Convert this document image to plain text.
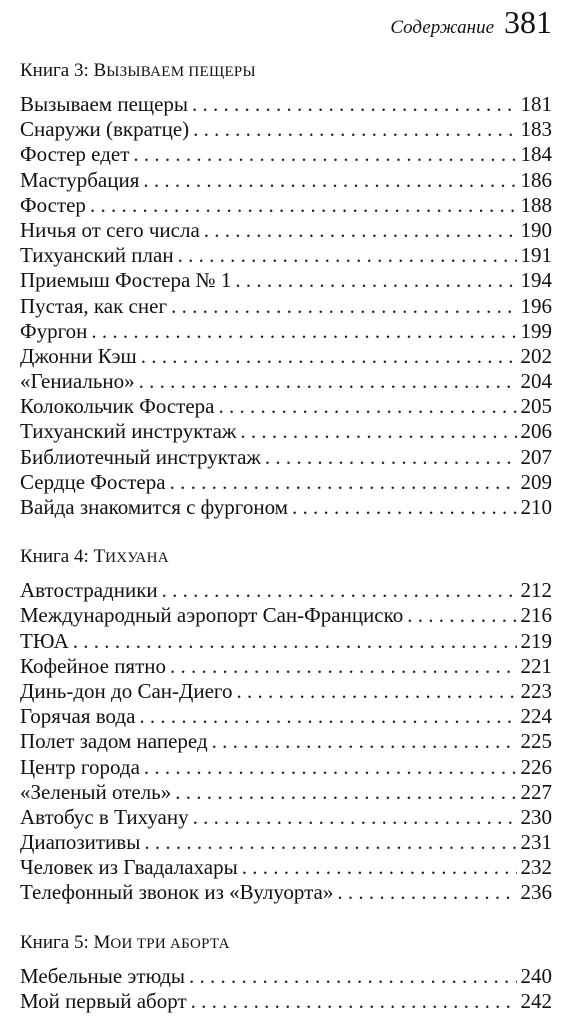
Содержание 381
Книга 3: ВЫЗЫВАЕМ ПЕЩЕРЫ
Вызываем пещеры . . .	181
Снаружи (вкратце) . . .	183
Фостер едет . . .	184
Мастурбация . . .	186
Фостер . . .	188
Ничья от сего числа . . .	190
Тихуанский план . . .	191
Приемыш Фостера № 1 . . .	194
Пустая, как снег . . .	196
Фургон . . .	199
Джонни Кэш . . .	202
«Гениально» . . .	204
Колокольчик Фостера . . .	205
Тихуанский инструктаж . . .	206
Библиотечный инструктаж . . .	207
Сердце Фостера . . .	209
Вайда знакомится с фургоном . . .	210
Книга 4: ТИХУАНА
Автострадники . . .	212
Международный аэропорт Сан-Франциско . . .	216
ТЮА . . .	219
Кофейное пятно . . .	221
Динь-дон до Сан-Диего . . .	223
Горячая вода . . .	224
Полет задом наперед . . .	225
Центр города . . .	226
«Зеленый отель» . . .	227
Автобус в Тихуану . . .	230
Диапозитивы . . .	231
Человек из Гвадалахары . . .	232
Телефонный звонок из «Вулуорта» . . .	236
Книга 5: МОИ ТРИ АБОРТА
Мебельные этюды . . .	240
Мой первый аборт . . .	242
